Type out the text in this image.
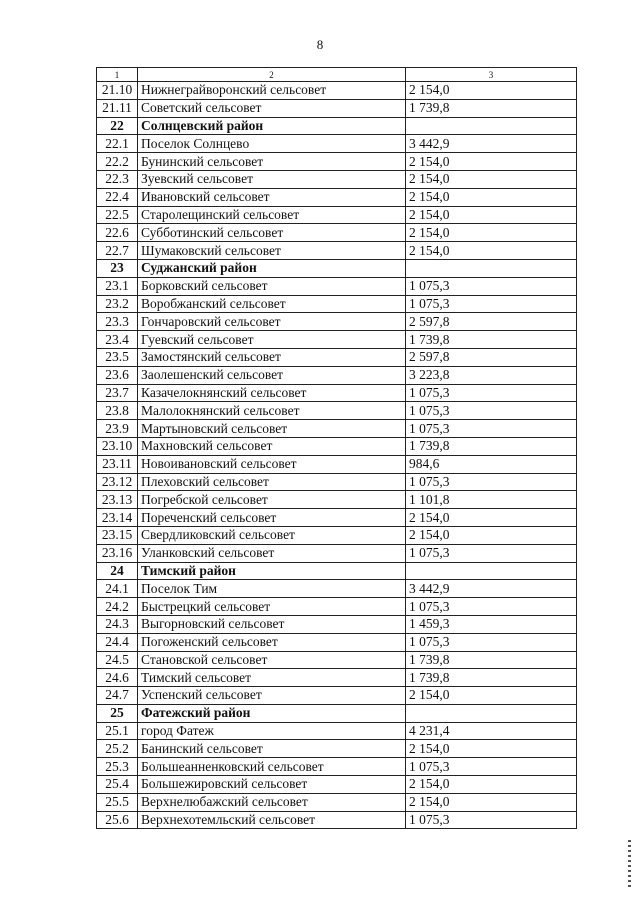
8
1	2	3
21.10	Нижнеграйворонский сельсовет	2 154,0
21.11	Советский сельсовет	1 739,8
22	Солнцевский район	
22.1	Поселок Солнцево	3 442,9
22.2	Бунинский сельсовет	2 154,0
22.3	Зуевский сельсовет	2 154,0
22.4	Ивановский сельсовет	2 154,0
22.5	Старолещинский сельсовет	2 154,0
22.6	Субботинский сельсовет	2 154,0
22.7	Шумаковский сельсовет	2 154,0
23	Суджанский район	
23.1	Борковский сельсовет	1 075,3
23.2	Воробжанский сельсовет	1 075,3
23.3	Гончаровский сельсовет	2 597,8
23.4	Гуевский сельсовет	1 739,8
23.5	Замостянский сельсовет	2 597,8
23.6	Заолешенский сельсовет	3 223,8
23.7	Казачелокнянский сельсовет	1 075,3
23.8	Малолокнянский сельсовет	1 075,3
23.9	Мартыновский сельсовет	1 075,3
23.10	Махновский сельсовет	1 739,8
23.11	Новоивановский сельсовет	984,6
23.12	Плеховский сельсовет	1 075,3
23.13	Погребской сельсовет	1 101,8
23.14	Пореченский сельсовет	2 154,0
23.15	Свердликовский сельсовет	2 154,0
23.16	Уланковский сельсовет	1 075,3
24	Тимский район	
24.1	Поселок Тим	3 442,9
24.2	Быстрецкий сельсовет	1 075,3
24.3	Выгорновский сельсовет	1 459,3
24.4	Погоженский сельсовет	1 075,3
24.5	Становской сельсовет	1 739,8
24.6	Тимский сельсовет	1 739,8
24.7	Успенский сельсовет	2 154,0
25	Фатежский район	
25.1	город Фатеж	4 231,4
25.2	Банинский сельсовет	2 154,0
25.3	Большеанненковский сельсовет	1 075,3
25.4	Большежировский сельсовет	2 154,0
25.5	Верхнелюбажский сельсовет	2 154,0
25.6	Верхнехотемльский сельсовет	1 075,3
